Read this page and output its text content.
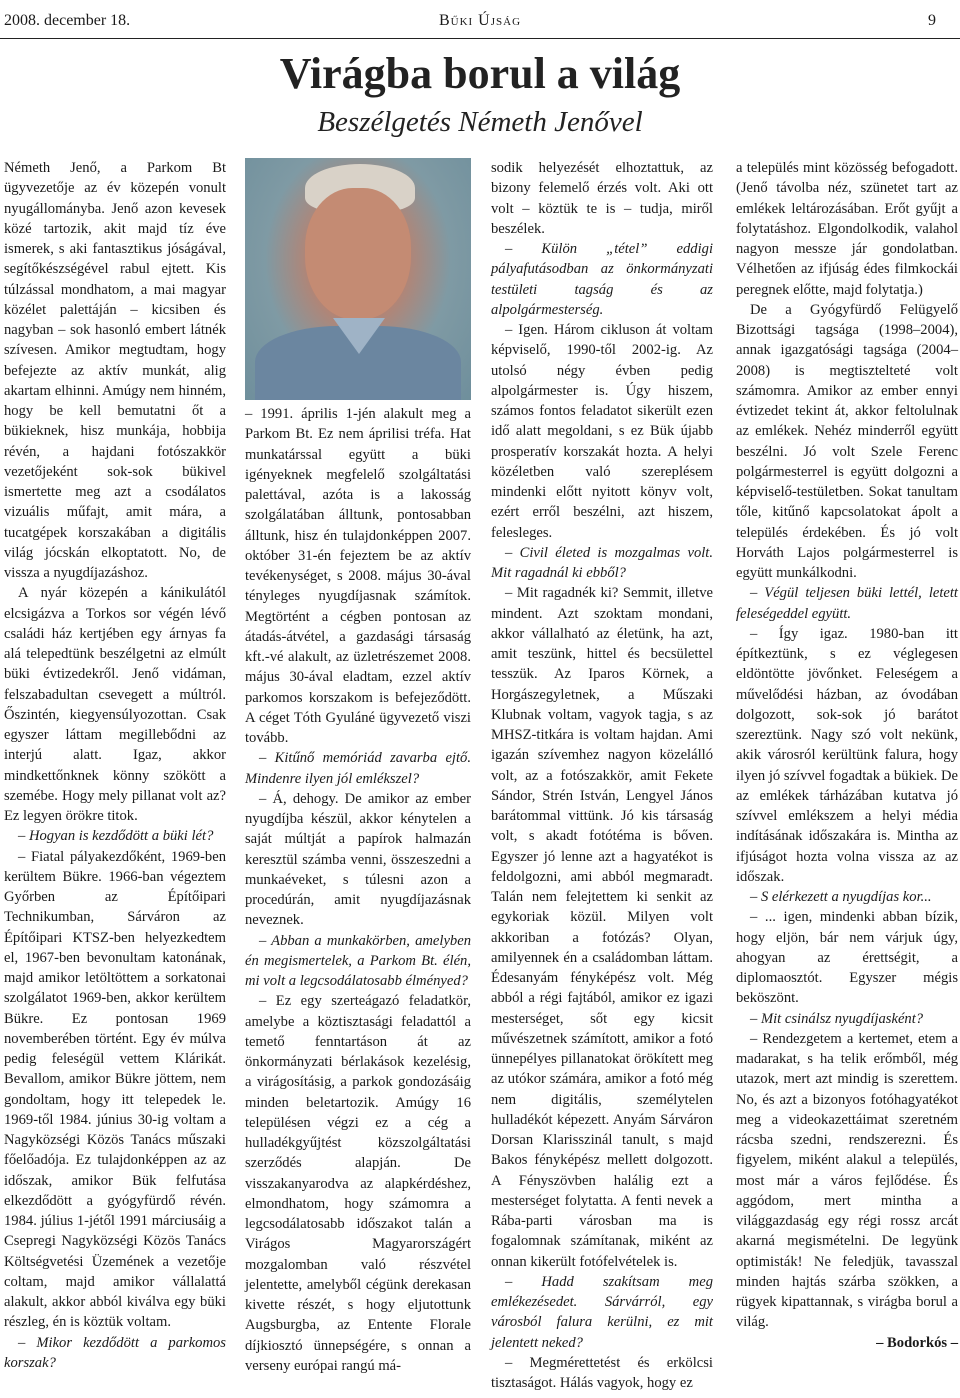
2008. december 18.	Bűki Újság	9
Virágba borul a világ
Beszélgetés Németh Jenővel

Németh Jenő, a Parkom Bt ügyvezetője az év közepén vonult nyugállományba. Jenő azon kevesek közé tartozik, akit majd tíz éve ismerek, s aki fantasztikus jóságával, segítőkészségével rabul ejtett. Kis túlzással mondhatom, a mai magyar közélet palettáján – kicsiben és nagyban – sok hasonló embert látnék szívesen. Amikor megtudtam, hogy befejezte az aktív munkát, alig akartam elhinni. Amúgy nem hinném, hogy be kell bemutatni őt a bükieknek, hisz munkája, hobbija révén, a hajdani fotószakkör vezetőjeként sok-sok bükivel ismertette meg azt a csodálatos vizuális műfajt, amit mára, a tucatgépek korszakában a digitális világ jócskán elkoptatott. No, de vissza a nyugdíjazáshoz.

A nyár közepén a kánikulától elcsigázva a Torkos sor végén lévő családi ház kertjében egy árnyas fa alá telepedtünk beszélgetni az elmúlt büki évtizedekről. Jenő vidáman, felszabadultan csevegett a múltról. Őszintén, kiegyensúlyozottan. Csak egyszer láttam megillebődni az interjú alatt. Igaz, akkor mindkettőnknek könny szökött a szemébe. Hogy mely pillanat volt az? Ez legyen örökre titok.

– Hogyan is kezdődött a büki lét?

– Fiatal pályakezdőként, 1969-ben kerültem Bükre. 1966-ban végeztem Győrben az Építőipari Technikumban, Sárváron az Építőipari KTSZ-ben helyezkedtem el, 1967-ben bevonultam katonának, majd amikor letöltöttem a sorkatonai szolgálatot 1969-ben, akkor kerültem Bükre. Ez pontosan 1969 novemberében történt. Egy év múlva pedig feleségül vettem Klárikát. Bevallom, amikor Bükre jöttem, nem gondoltam, hogy itt telepedek le. 1969-től 1984. június 30-ig voltam a Nagyközségi Közös Tanács műszaki főelőadója. Ez tulajdonképpen az az időszak, amikor Bük felfutása elkezdődött a gyógyfürdő révén. 1984. július 1-jétől 1991 márciusáig a Csepregi Nagyközségi Közös Tanács Költségvetési Üzemének a vezetője coltam, majd amikor vállalattá alakult, akkor abból kiválva egy büki részleg, én is köztük voltam.

– Mikor kezdődött a parkomos korszak?

– 1991. április 1-jén alakult meg a Parkom Bt. Ez nem áprilisi tréfa. Hat munkatárssal együtt a büki igényeknek megfelelő szolgáltatási palettával, azóta is a lakosság szolgálatában álltunk, pontosabban álltunk, hisz én tulajdonképpen 2007. október 31-én fejeztem be az aktív tevékenységet, s 2008. május 30-ával tényleges nyugdíjasnak számítok. Megtörtént a cégben pontosan az átadás-átvétel, a gazdasági társaság kft.-vé alakult, az üzletrészemet 2008. május 30-ával eladtam, ezzel aktív parkomos korszakom is befejeződött. A céget Tóth Gyuláné ügyvezető viszi tovább.

– Kitűnő memóriád zavarba ejtő. Mindenre ilyen jól emlékszel?

– Á, dehogy. De amikor az ember nyugdíjba készül, akkor kénytelen a saját múltját a papírok halmazán keresztül számba venni, összeszedni a munkaéveket, s túlesni azon a procedúrán, amit nyugdíjazásnak neveznek.

– Abban a munkakörben, amelyben én megismertelek, a Parkom Bt. élén, mi volt a legcsodálatosabb élményed?

– Ez egy szerteágazó feladatkör, amelybe a köztisztasági feladattól a temető fenntartáson át az önkormányzati bérlakások kezelésig, a virágosításig, a parkok gondozásáig minden beletartozik. Amúgy 16 településen végzi ez a cég a hulladékgyűjtést közszolgáltatási szerződés alapján. De visszakanyarodva az alapkérdéshez, elmondhatom, hogy számomra a legcsodálatosabb időszakot talán a Virágos Magyarországért mozgalomban való részvétel jelentette, amelyből cégünk derekasan kivette részét, s hogy eljutottunk Augsburgba, az Entente Florale díjkiosztó ünnepségére, s onnan a verseny európai rangú má-

sodik helyezését elhoztattuk, az bizony felemelő érzés volt. Aki ott volt – köztük te is – tudja, miről beszélek.

– Külön „tétel” eddigi pályafutásodban az önkormányzati testületi tagság és az alpolgármesterség.

– Igen. Három cikluson át voltam képviselő, 1990-től 2002-ig. Az utolsó négy évben pedig alpolgármester is. Úgy hiszem, számos fontos feladatot sikerült ezen idő alatt megoldani, s ez Bük újabb prosperatív korszakát hozta. A helyi közéletben való szereplésem mindenki előtt nyitott könyv volt, ezért erről beszélni, azt hiszem, felesleges.

– Civil életed is mozgalmas volt. Mit ragadnál ki ebből?

– Mit ragadnék ki? Semmit, illetve mindent. Azt szoktam mondani, akkor vállalható az életünk, ha azt, amit teszünk, hittel és becsülettel tesszük. Az Iparos Körnek, a Horgászegyletnek, a Műszaki Klubnak voltam, vagyok tagja, s az MHSZ-titkára is voltam hajdan. Ami igazán szívemhez nagyon közelálló volt, az a fotószakkör, amit Fekete Sándor, Strén István, Lengyel János barátommal vittünk. Jó kis társaság volt, s akadt fotótéma is bőven. Egyszer jó lenne azt a hagyatékot is feldolgozni, ami abból megmaradt. Talán nem felejtettem ki senkit az egykoriak közül. Milyen volt akkoriban a fotózás? Olyan, amilyennek én a családomban láttam. Édesanyám fényképész volt. Még abból a régi fajtából, amikor ez igazi mesterséget, sőt egy kicsit művészetnek számított, amikor a fotó ünnepélyes pillanatokat örökített meg az utókor számára, amikor a fotó még nem digitális, személytelen hulladékót képezett. Anyám Sárváron Dorsan Klarisszinál tanult, s majd Bakos fényképész mellett dolgozott. A Fényszövben halálig ezt a mesterséget folytatta. A fenti nevek a Rába-parti városban ma is fogalomnak számítanak, miként az onnan kikerült fotófelvételek is.

– Hadd szakítsam meg emlékezésedet. Sárvárról, egy városból falura kerülni, ez mit jelentett neked?

– Megmérettetést és erkölcsi tisztaságot. Hálás vagyok, hogy ez

a település mint közösség befogadott. (Jenő távolba néz, szünetet tart az emlékek leltározásában. Erőt gyűjt a folytatáshoz. Elgondolkodik, valahol nagyon messze jár gondolatban. Vélhetően az ifjúság édes filmkockái peregnek előtte, majd folytatja.)

De a Gyógyfürdő Felügyelő Bizottsági tagsága (1998–2004), annak igazgatósági tagsága (2004–2008) is megtisztelteté volt számomra. Amikor az ember ennyi évtizedet tekint át, akkor feltolulnak az emlékek. Nehéz minderről együtt beszélni. Jó volt Szele Ferenc polgármesterrel is együtt dolgozni a képviselő-testületben. Sokat tanultam tőle, kitűnő kapcsolatokat ápolt a település érdekében. És jó volt Horváth Lajos polgármesterrel is együtt munkálkodni.

– Végül teljesen büki lettél, letett feleségeddel együtt.

– Így igaz. 1980-ban itt építkeztünk, s ez véglegesen eldöntötte jövőnket. Feleségem a művelődési házban, az óvodában dolgozott, sok-sok jó barátot szereztünk. Nagy szó volt nekünk, akik városról kerültünk falura, hogy ilyen jó szívvel fogadtak a bükiek. De az emlékek tárházában kutatva jó szívvel emlékszem a helyi média indításának időszakára is. Mintha az ifjúságot hozta volna vissza az az időszak.

– S elérkezett a nyugdíjas kor...

– ... igen, mindenki abban bízik, hogy eljön, bár nem várjuk úgy, ahogyan az érettségit, a diplomaosztót. Egyszer mégis beköszönt.

– Mit csinálsz nyugdíjasként?

– Rendezgetem a kertemet, etem a madarakat, s ha telik erőmből, még utazok, mert azt mindig is szerettem. No, és azt a bizonyos fotóhagyatékot meg a videokazettáimat szeretném rácsba szedni, rendszerezni. És figyelem, miként alakul a település, most már a város fejlődése. És aggódom, mert mintha a világgazdaság egy régi rossz arcát akarná megismételni. De legyünk optimisták! Ne feledjük, tavasszal minden hajtás szárba szökken, a rügyek kipattannak, s virágba borul a világ.

– Bodorkós –
